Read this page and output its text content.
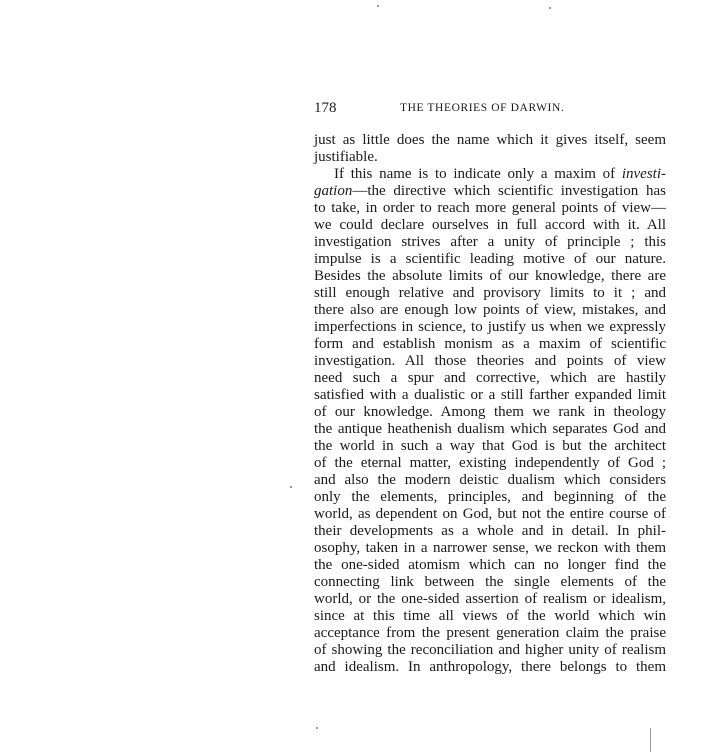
178	THE THEORIES OF DARWIN.
just as little does the name which it gives itself, seem
justifiable.
If this name is to indicate only a maxim of investi-
gation—the directive which scientific investigation has
to take, in order to reach more general points of view—
we could declare ourselves in full accord with it. All
investigation strives after a unity of principle ; this
impulse is a scientific leading motive of our nature.
Besides the absolute limits of our knowledge, there are
still enough relative and provisory limits to it ; and
there also are enough low points of view, mistakes, and
imperfections in science, to justify us when we expressly
form and establish monism as a maxim of scientific
investigation. All those theories and points of view
need such a spur and corrective, which are hastily
satisfied with a dualistic or a still farther expanded limit
of our knowledge. Among them we rank in theology
the antique heathenish dualism which separates God and
the world in such a way that God is but the architect
of the eternal matter, existing independently of God ;
and also the modern deistic dualism which considers
only the elements, principles, and beginning of the
world, as dependent on God, but not the entire course of
their developments as a whole and in detail. In phil-
osophy, taken in a narrower sense, we reckon with them
the one-sided atomism which can no longer find the
connecting link between the single elements of the
world, or the one-sided assertion of realism or idealism,
since at this time all views of the world which win
acceptance from the present generation claim the praise
of showing the reconciliation and higher unity of realism
and idealism. In anthropology, there belongs to them
